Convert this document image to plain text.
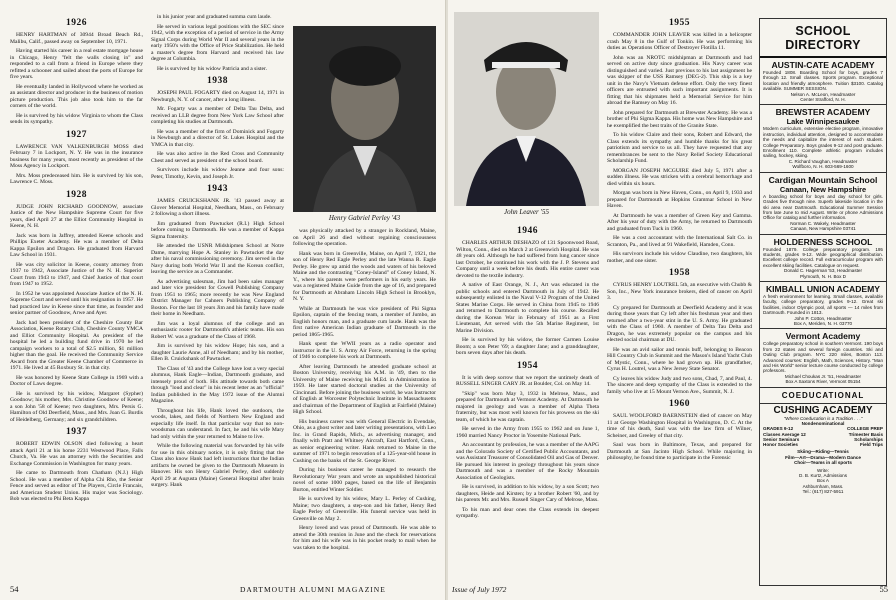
1926

HENRY HARTMAN of 30944 Broad Beach Rd., Malibu, Calif., passed away on September 10, 1971.

Having started his career in a real estate mortgage house in Chicago, Henry "felt the walls closing in" and responded to a call from a friend in Europe where they refitted a schooner and sailed about the ports of Europe for five years.

He eventually landed in Hollywood where he worked as an assistant director and producer in the business of motion picture production. This job also took him to the far corners of the world.

He is survived by his widow Virginia to whom the Class sends its sympathy.

1927

LAWRENCE VAN VALKENBURGH MOSS died February 7 in Lockport, N. Y. He was in the insurance business for many years, most recently as president of the Moss Agency in Lockport.

Mrs. Moss predeceased him. He is survived by his son, Lawrence C. Moss.

1928

JUDGE JOHN RICHARD GOODNOW, associate Justice of the New Hampshire Supreme Court for five years, died April 27 at the Elliot Community Hospital in Keene, N. H.

Jack was born in Jaffrey, attended Keene schools and Phillips Exeter Academy. He was a member of Delta Kappa Epsilon and Dragon. He graduated from Harvard Law School in 1931.

He was city solicitor in Keene, county attorney from 1937 to 1942, Associate Justice of the N. H. Superior Court from 1943 to 1947, and Chief Justice of that court from 1947 to 1952.

In 1952 he was appointed Associate Justice of the N. H. Supreme Court and served until his resignation in 1957. He had practiced law in Keene since that time, as founder and senior partner of Goodnow, Arwe and Ayer.

Jack had been president of the Cheshire County Bar Association, Keene Rotary Club, Cheshire County YMCA and Elliot Community Hospital. As president of the hospital he led a building fund drive in 1970 he led campaign workers to a total of $2.5 million, $1 million higher than the goal. He received the Community Service Award from the Greater Keene Chamber of Commerce in 1971. He lived at 45 Roxbury St. in that city.

He was honored by Keene State College in 1969 with a Doctor of Laws degree.

He is survived by his widow, Margaret (Sypher) Goodnow; his mother, Mrs. Christine Goodnow of Keene; a son John '58 of Keene; two daughters, Mrs. Persis G. Hamilton of Old Deerfield, Mass., and Mrs. Joan G. Burdis of Heidelberg, Germany; and six grandchildren.

1937

ROBERT EDWIN OLSON died following a heart attack April 21 at his home 2231 Westwood Place, Falls Church, Va. He was an attorney with the Securities and Exchange Commission in Washington for many years.

He came to Dartmouth from Chatham (N.J.) High School. He was a member of Alpha Chi Rho, the Senior Fence and served as editor of The Players, Circle Francais, and American Student Union. His major was Sociology. Bob was elected to Phi Beta Kappa

in his junior year and graduated summa cum laude.

He served in various legal positions with the SEC since 1942, with the exception of a period of service in the Army Signal Corps during World War II and several years in the early 1950's with the Office of Price Stabilization. He held a master's degree from Harvard and received his law degree at Columbia.

He is survived by his widow Patricia and a sister.

1938

JOSEPH PAUL FOGARTY died on August 14, 1971 in Newburgh, N. Y. of cancer, after a long illness.

Mr. Fogarty was a member of Delta Tau Delta, and received an LLB degree from New York Law School after completing his studies at Dartmouth.

He was a member of the firm of Dominick and Fogarty in Newburgh and a director of St. Lukes Hospital and the YMCA in that city.

He was also active in the Red Cross and Community Chest and served as president of the school board.

Survivors include his widow Jeanne and four sons: Peter, Timothy, Kevin, and Joseph Jr.

1943

JAMES CRUICKSHANK JR. '43 passed away at Glover Memorial Hospital, Needham, Mass., on February 2 following a short illness.

Jim graduated from Pawtucket (R.I.) High School before coming to Dartmouth. He was a member of Kappa Sigma fraternity.

He attended the USNR Midshipmen School at Notre Dame, marrying Hope A. Stanley in Pawtucket the day after his naval commissioning ceremony. Jim served in the Navy during both World War II and the Korean conflict, leaving the service as a Commander.

As advertising salesman, Jim had been sales manager and later vice president for Cowell Publishing Company from 1951 to 1965; more recently he was New England District Manager for Cahners Publishing Company of Boston. For the last 18 years Jim and his family have made their home in Needham.

Jim was a loyal alumnus of the college and an enthusiastic rooter for Dartmouth's athletic teams. His son Robert W. was a graduate of the Class of 1968.

Jim is survived by his widow Hope; his son, and a daughter Laurie Anne, all of Needham; and by his mother, Ellen B. Cruickshank of Pawtucket.

The Class of '43 and the College have lost a very special alumnus, Hank Eagle—Indian, Dartmouth graduate, and intensely proud of both. His attitude towards both came through "loud and clear" in his recent letter as an "official" Indian published in the May 1972 issue of the Alumni Magazine.

Throughout his life, Hank loved the outdoors, the woods, lakes, and fields of Northern New England and especially life itself. In that particular way that no non-woodsman can understand. In fact, he and his wife Mary had only within the year returned to Maine to live.

While the following material was forwarded by his wife for use in this obituary notice, it is only fitting that the Class also know Hank had left instructions that the Indian artifacts he owned be given to the Dartmouth Museum in Hanover. His son Henry Gabriel Perley, died suddenly April 29 at Augusta (Maine) General Hospital after brain surgery. Hank

Henry Gabriel Perley '43

was physically attacked by a stranger in Rockland, Maine, on April 26 and died without regaining consciousness following the operation.

Hank was born in Greenville, Maine, on April 7, 1921, the son of Henry Red Eagle Perley and the late Wanna R. Eagle Perley. He grew up amid the woods and waters of his beloved Maine and the contrasting "Coney-Island" of Coney Island, N. Y., where his parents were performers in his early years. He was a registered Maine Guide from the age of 16, and prepared for Dartmouth at Abraham Lincoln High School in Brooklyn, N. Y.

While at Dartmouth he was vice president of Phi Sigma Epsilon, captain of the fencing team, a member of Jumbo, an English honors man, and a graduate cum laude. Hank was the first native American Indian graduate of Dartmouth in the period 1865-1965.

Hank spent the WWII years as a radio operator and instructor in the U. S. Army Air Force, returning in the spring of 1946 to complete his work at Dartmouth.

After leaving Dartmouth he attended graduate school at Boston University, receiving his A.M. in '49, then to the University of Maine receiving his M.Ed. in Administration in 1959. He later started doctoral studies at the University of Cincinnati. Before joining the business world, he was Instructor of English at Worcester Polytechnic Institute in Massachusetts and chairman of the Department of English at Fairfield (Maine) High School.

His business career was with General Electric in Evendale, Ohio, as a ghost writer and later writing presentations, with Leo Inc. in Grand Rapids, Mich., as advertising manager, and finally with Pratt and Whitney Aircraft, East Hartford, Conn., as senior engineering writer. Hank returned to Maine in the summer of 1971 to begin renovation of a 125-year-old house in Cushing on the banks of the St. George River.

During his business career he managed to research the Revolutionary War years and wrote an unpublished historical novel of some 1000 pages, based on the life of Benjamin Burton, entitled Winter Soldier.

He is survived by his widow, Mary L. Perley of Cushing, Maine; two daughters, a step-son and his father, Henry Red Eagle Perley of Greenville. His funeral service was held in Greenville on May 2.

Henry loved and was proud of Dartmouth. He was able to attend the 30th reunion in June and the check for reservations for him and his wife was in his pocket ready to mail when he was taken to the hospital.

54	DARTMOUTH ALUMNI MAGAZINE
John Leaver '55
1946

CHARLES ARTHUR DESHAZO of 131 Spoonwood Road, Wilton, Conn., died on March 2 at Greenwich Hospital. He was 48 years old. Although he had suffered from lung cancer since last October, he continued his work with the J. P. Stevens and Company until a week before his death. His entire career was devoted to the textile industry.

A native of East Orange, N. J., Art was educated in the public schools and entered Dartmouth in July of 1942. He subsequently enlisted in the Naval V-12 Program of the United States Marine Corps. He served in China from 1945 to 1946 and returned to Dartmouth to complete his course. Recalled during the Korean War in February of 1951 as a First Lieutenant, Art served with the 5th Marine Regiment, 1st Marine Division.

He is survived by his widow, the former Carmen Louise Boom; a son Peter '69; a daughter Jane; and a granddaughter, born seven days after his death.

1954

It is with deep sorrow that we report the untimely death of RUSSELL SINGER CARY JR. at Boulder, Col. on May 14.

"Skip" was born May 3, 1932 in Melrose, Mass., and prepared for Dartmouth at Vermont Academy. At Dartmouth he majored in geology and was a member of Alpha Theta fraternity, but was most well known for his prowess on the ski team, of which he was captain.

He served in the Army from 1955 to 1962 and on June 1, 1960 married Nancy Proctor in Yosemite National Park.

An accountant by profession, he was a member of the AAPG and the Colorado Society of Certified Public Accountants, and was Assistant Treasurer of Consolidated Oil and Gas of Denver. He pursued his interest in geology throughout his years since Dartmouth and was a member of the Rocky Mountain Association of Geologists.

He is survived, in addition to his widow, by a son Scott; two daughters, Heide and Kirsten; by a brother Robert '60, and by his parents Mr. and Mrs. Russell Singer Cary of Melrose, Mass.

To his man and dear ones the Class extends its deepest sympathy.

1955

COMMANDER JOHN LEAVER was killed in a helicopter crash May 8 in the Gulf of Tonkin. He was performing his duties as Operations Officer of Destroyer Flotilla 11.

John was an NROTC midshipman at Dartmouth and had served on active duty since graduation. His Navy career was distinguished and varied. Just previous to his last assignment he was skipper of the USS Ramsey (DEG-2). This ship is a key unit in the Navy's Vietnam defense effort. Only the very finest officers are entrusted with such important assignments. It is fitting that his shipmates held a Memorial Service for him abroad the Ramsey on May 16.

John prepared for Dartmouth at Brewster Academy. He was a brother of Phi Sigma Kappa. His home was New Hampshire and he exemplified the best traits of the Granite State.

To his widow Claire and their sons, Robert and Edward, the Class extends its sympathy and humble thanks for his great patriotism and service to us all. They have requested that any remembrances be sent to the Navy Relief Society Educational Scholarship Fund.

MORGAN JOSEPH MCGUIRE died July 5, 1971 after a sudden illness. He was stricken with a cerebral hemorrhage and died within six hours.

Morgan was born in New Haven, Conn., on April 9, 1933 and prepared for Dartmouth at Hopkins Grammar School in New Haven.

At Dartmouth he was a member of Green Key and Gamma. After his year of duty with the Army, he returned to Dartmouth and graduated from Tuck in 1960.

He was a cost accountant with the International Salt Co. in Scranton, Pa., and lived at 91 Wakefield, Hamden, Conn.

His survivors include his widow Claudine, two daughters, his mother, and one sister.

1958

CYRUS HENRY LOUTREL 5th, an executive with Chubb & Son, Inc., New York insurance brokers, died of cancer on April 3.

Cy prepared for Dartmouth at Deerfield Academy and it was during those years that Cy left after his freshman year and then returned after a two-year stint in the U. S. Army. He graduated with the Class of 1960. A member of Delta Tau Delta and Dragon, he was extremely popular on the campus and his elected social chairman at DU.

He was an avid sailor and tennis buff, belonging to Beacon Hill Country Club in Summit and the Mason's Island Yacht Club of Mystic, Conn., where he had grown up. His grandfather, Cyrus H. Loutrel, was a New Jersey State Senator.

Cy leaves his widow Judy and two sons, Chad, 7, and Paul, 4. The sincere and deep sympathy of the Class is extended to the family who live at 15 Mount Vernon Ave., Summit, N. J.

1960

SAUL WOOLFORD BAERNSTEIN died of cancer on May 11 at George Washington Hospital in Washington, D. C. At the time of his death, Saul was with the law firm of Wilner, Scheiner, and Greeley of that city.

Saul was born in Baltimore, Texas, and prepared for Dartmouth at San Jacinto High School. While majoring in philosophy, he found time to participate in the Forensic

SCHOOL DIRECTORY
AUSTIN-CATE ACADEMY
Founded 1808. Boarding School for boys, grades 7 through 12. Small classes. Sports program. Exceptional location and friendly atmosphere. Tuition $3100. Catalog available. SUMMER SESSION.
Nelson A. McLeon, Headmaster
Center Strafford, N. H.
BREWSTER ACADEMY
Lake Winnipesaukee
Modern curriculum, extensive elective program, innovative instruction, individual attention, designed to accommodate the needs and capitalize the interest of each student. College Preparatory. Boys grades 9-12 and post graduate. Enrollment 110. Complete athletic program includes sailing, hockey, skiing.
C. Richard Vaughan, Headmaster
Wolfboro, N. H. 603-569-1600
Cardigan Mountain School
Canaan, New Hampshire
A boarding school for boys and day school for girls. Grades five through nine. Superb lakeside location in the ski area near Dartmouth. Educational Summer Session from late June to mid August. Write or phone Admissions Office for catalog and further information.
Norman C. Wakely, Headmaster
Canaan, New Hampshire 03741
HOLDERNESS SCHOOL
Founded 1879. College preparatory program. 195 students, grades 9-12. Wide geographical distribution. Excellent college record. Full extracurricular program with excellent skiing facilities. Catalogue on request.
Donald C. Hagerman '53, Headmaster
Plymouth, N. H. Box D
KIMBALL UNION ACADEMY
A fresh environment for learning. Small classes, available faculty, college preparatory, grades 9-12. Great ski facilities, indoor Olympic pool, all sports — 14 miles from Dartmouth. Founded in 1813.
John P. Cotton, Headmaster
Box A, Meriden, N. H. 03770
Vermont Academy
College preparatory school in southern Vermont. 190 boys from 22 states and several foreign countries. Ski and Outing Club program. NYC 220 miles, Boston 113. Advanced courses: English, Math, Sciences, History. "Man and His World" senior lecture course conducted by college professors.
Michael Choukas Jr. '51, Headmaster
Box A Saxtons River, Vermont 05154
COEDUCATIONAL
CUSHING ACADEMY
"Where Coeducation is a Tradition . . ."
Nondenominational
GRADES 9-12
Classes Average 12
Senior Seminars
Honor Societies
COLLEGE PREP
Trimester Basis
Scholarships
Field Trips
Skiing—Riding—Tennis
Film—Art—Drama—Modern Dance
Choir—Teams in all sports
Write:
D. B. Kurtz, Admissions
Box A
Ashburnham, Mass.
Tel.: (617) 827-5911
Issue of July 1972	55
